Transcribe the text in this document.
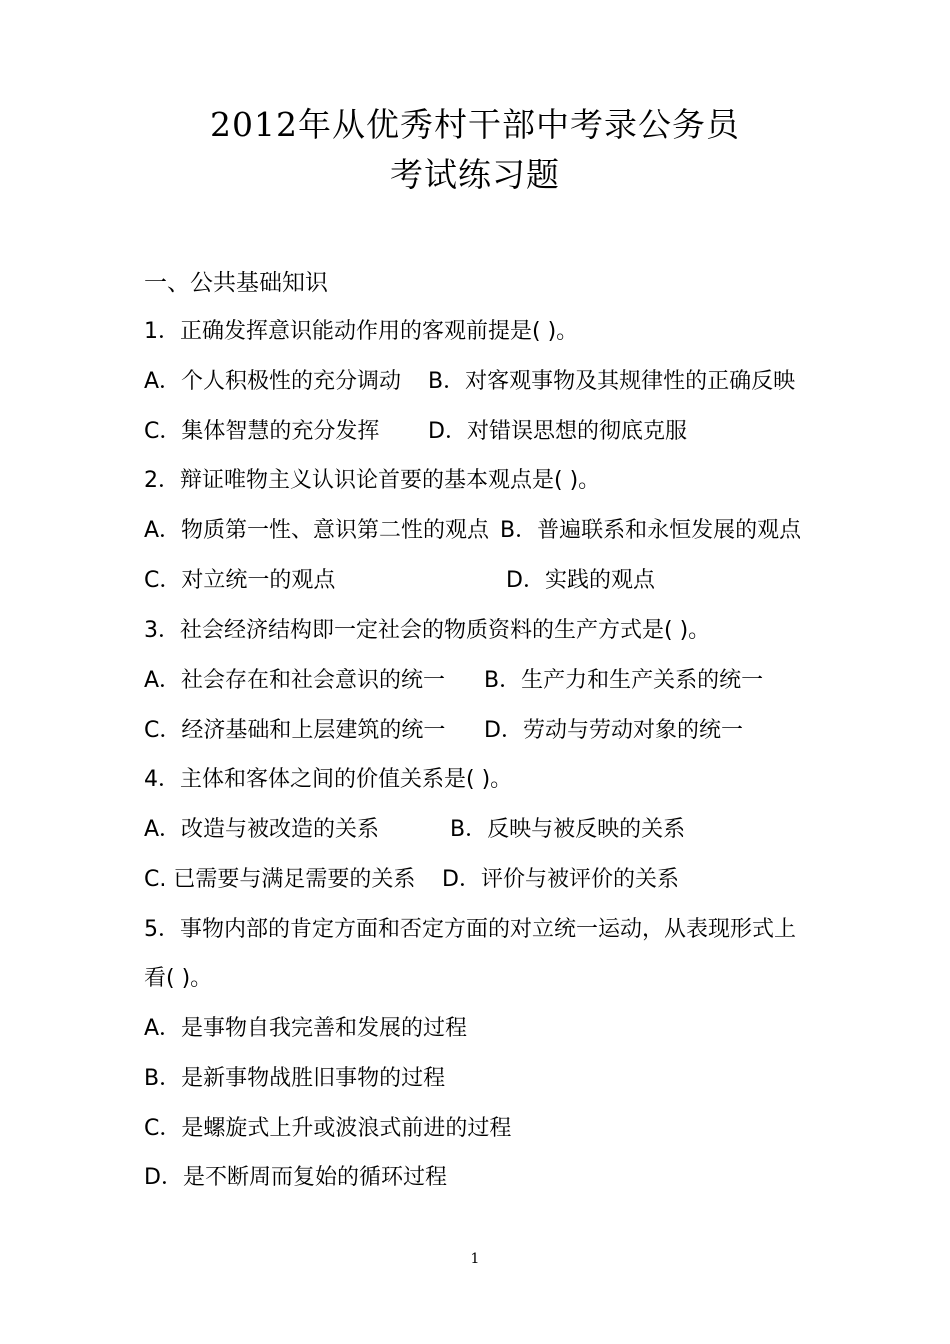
2012年从优秀村干部中考录公务员
考试练习题
一、公共基础知识
1．正确发挥意识能动作用的客观前提是( )。
A．个人积极性的充分调动 B．对客观事物及其规律性的正确反映
C．集体智慧的充分发挥 D．对错误思想的彻底克服
2．辩证唯物主义认识论首要的基本观点是( )。
A．物质第一性、意识第二性的观点 B．普遍联系和永恒发展的观点
C．对立统一的观点	D．实践的观点
3．社会经济结构即一定社会的物质资料的生产方式是( )。
A．社会存在和社会意识的统一 B．生产力和生产关系的统一
C．经济基础和上层建筑的统一 D．劳动与劳动对象的统一
4．主体和客体之间的价值关系是( )。
A．改造与被改造的关系	B．反映与被反映的关系
C. 已需要与满足需要的关系 D．评价与被评价的关系
5．事物内部的肯定方面和否定方面的对立统一运动，从表现形式上
看( )。
A．是事物自我完善和发展的过程
B．是新事物战胜旧事物的过程
C．是螺旋式上升或波浪式前进的过程
D．是不断周而复始的循环过程
1
